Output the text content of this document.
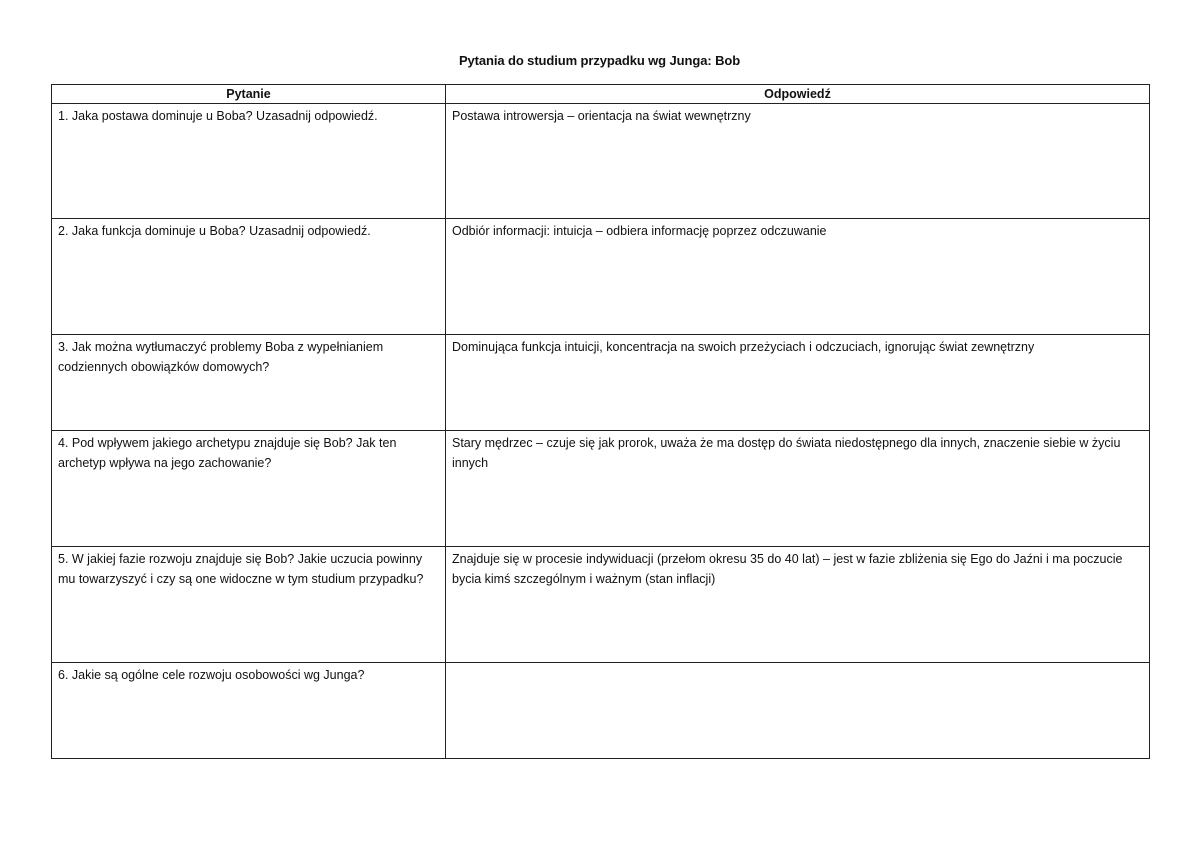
Pytania do studium przypadku wg Junga: Bob
Pytanie	Odpowiedź
1. Jaka postawa dominuje u Boba? Uzasadnij odpowiedź.	Postawa introwersja – orientacja na świat wewnętrzny
2. Jaka funkcja dominuje u Boba? Uzasadnij odpowiedź.	Odbiór informacji: intuicja – odbiera informację poprzez odczuwanie
3. Jak można wytłumaczyć problemy Boba z wypełnianiem codziennych obowiązków domowych?	Dominująca funkcja intuicji, koncentracja na swoich przeżyciach i odczuciach, ignorując świat zewnętrzny
4. Pod wpływem jakiego archetypu znajduje się Bob? Jak ten archetyp wpływa na jego zachowanie?	Stary mędrzec – czuje się jak prorok, uważa że ma dostęp do świata niedostępnego dla innych, znaczenie siebie w życiu innych
5. W jakiej fazie rozwoju znajduje się Bob? Jakie uczucia powinny mu towarzyszyć i czy są one widoczne w tym studium przypadku?	Znajduje się w procesie indywiduacji (przełom okresu 35 do 40 lat) – jest w fazie zbliżenia się Ego do Jaźni i ma poczucie bycia kimś szczególnym i ważnym (stan inflacji)
6. Jakie są ogólne cele rozwoju osobowości wg Junga?	
